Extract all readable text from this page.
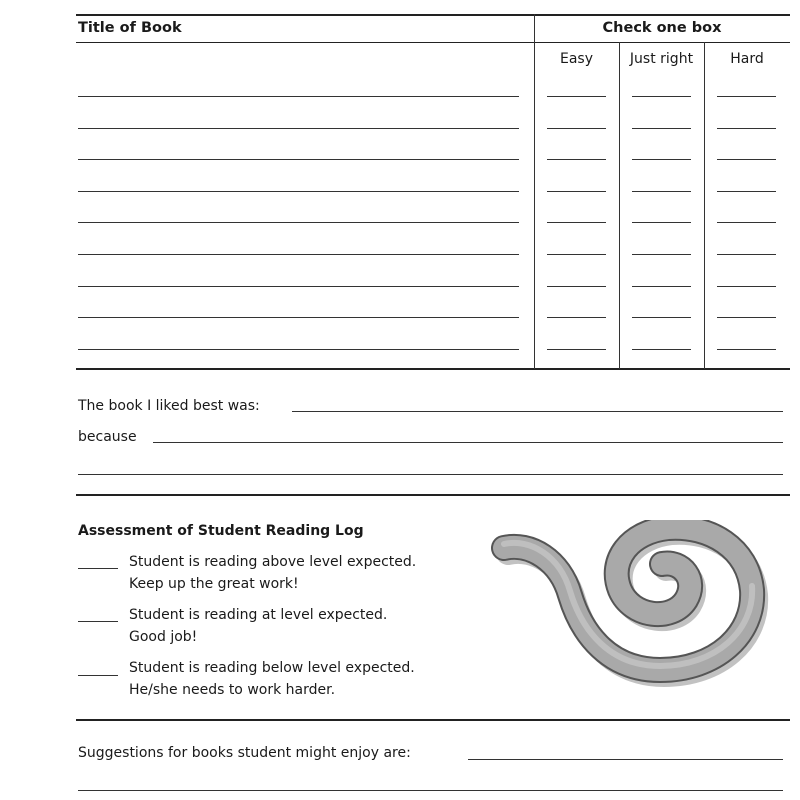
Title of Book	Check one box
Easy	Just right	Hard
The book I liked best was:
because
Assessment of Student Reading Log
Student is reading above level expected.
Keep up the great work!
Student is reading at level expected.
Good job!
Student is reading below level expected.
He/she needs to work harder.
Suggestions for books student might enjoy are:
